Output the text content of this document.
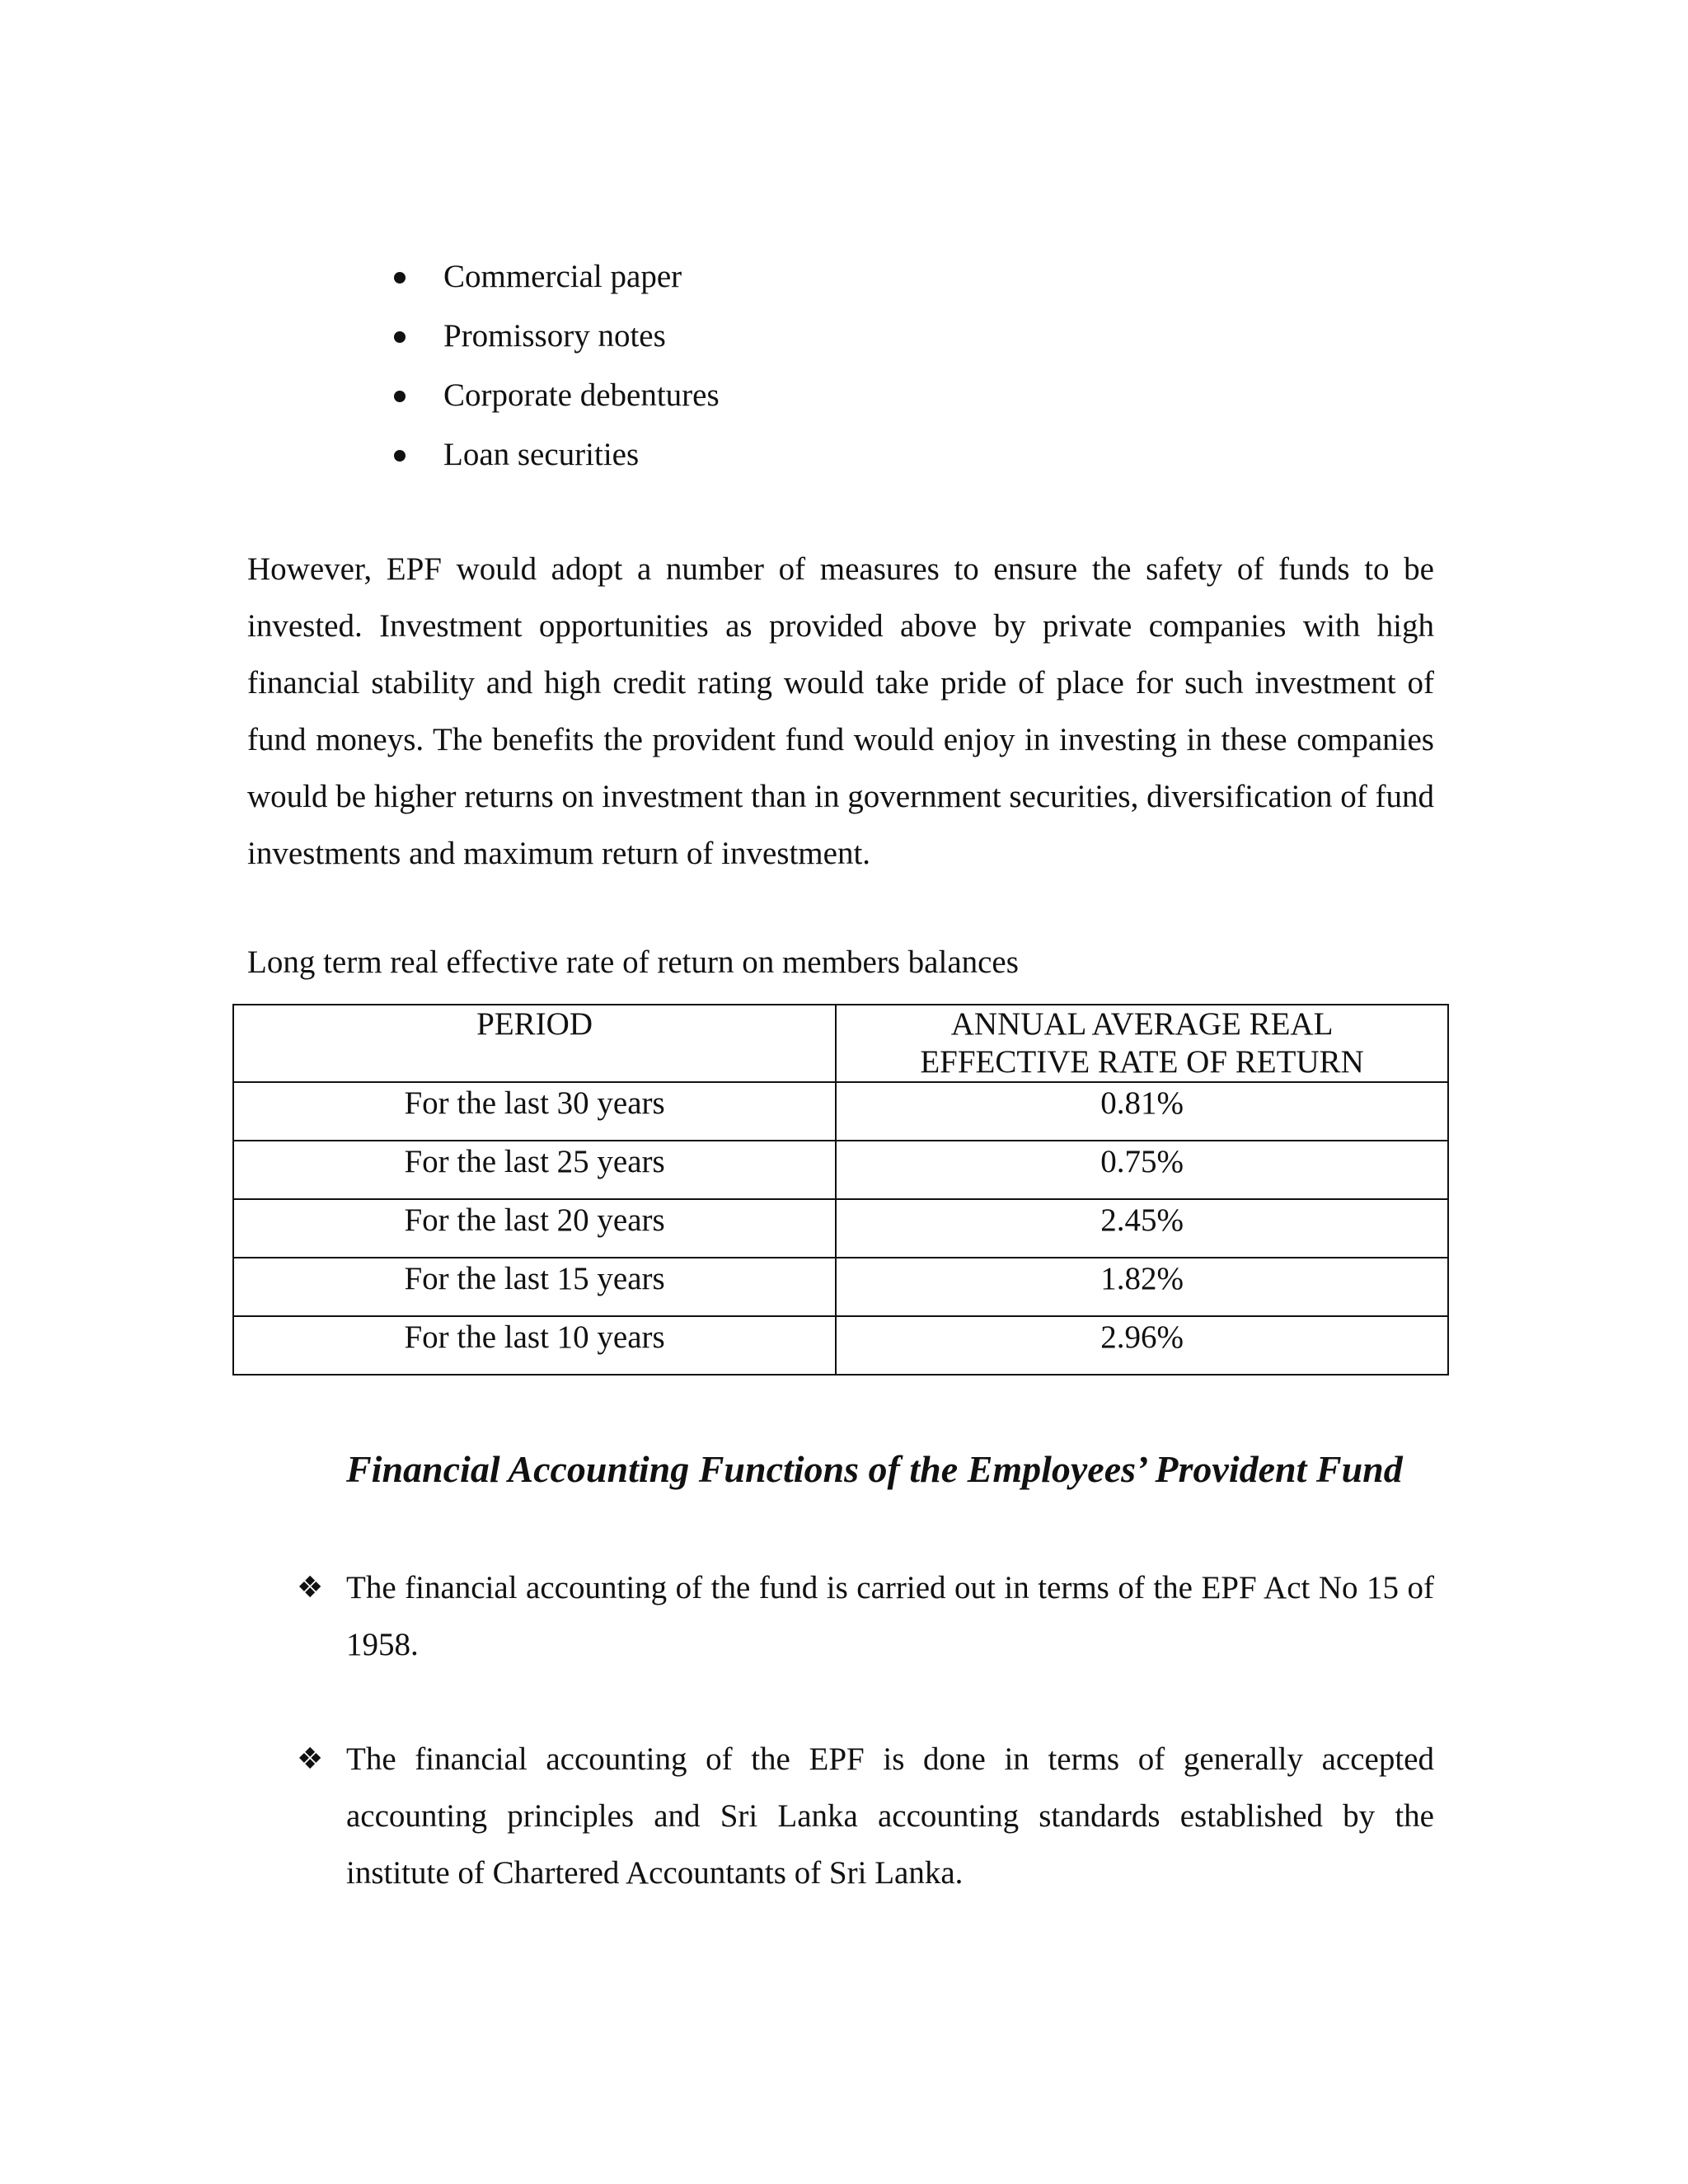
Commercial paper
Promissory notes
Corporate debentures
Loan securities

However, EPF would adopt a number of measures to ensure the safety of funds to be invested. Investment opportunities as provided above by private companies with high financial stability and high credit rating would take pride of place for such investment of fund moneys. The benefits the provident fund would enjoy in investing in these companies would be higher returns on investment than in government securities, diversification of fund investments and maximum return of investment.

Long term real effective rate of return on members balances

PERIOD	ANNUAL AVERAGE REAL EFFECTIVE RATE OF RETURN
For the last 30 years	0.81%
For the last 25 years	0.75%
For the last 20 years	2.45%
For the last 15 years	1.82%
For the last 10 years	2.96%
Financial Accounting Functions of the Employees’ Provident Fund
❖ The financial accounting of the fund is carried out in terms of the EPF Act No 15 of 1958.

❖ The financial accounting of the EPF is done in terms of generally accepted accounting principles and Sri Lanka accounting standards established by the institute of Chartered Accountants of Sri Lanka.
